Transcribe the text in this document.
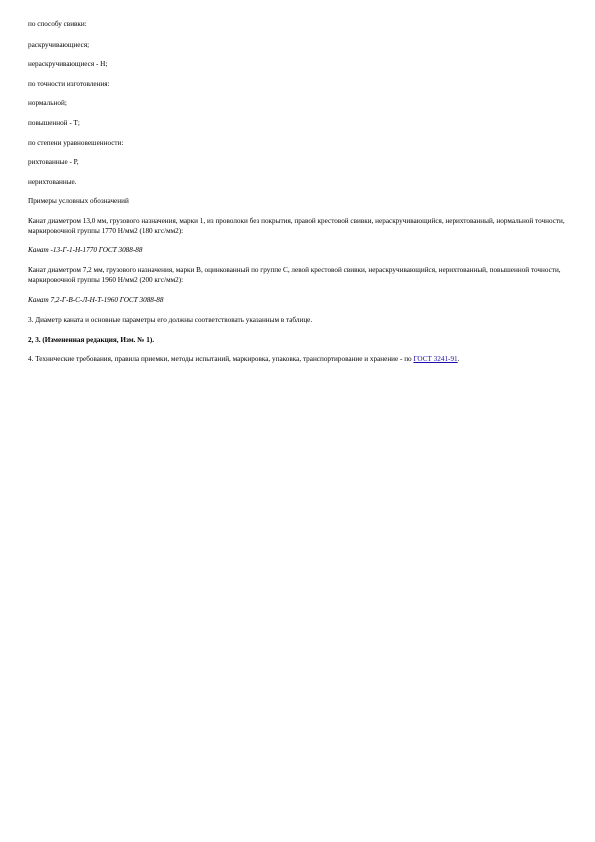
по способу свивки:

раскручивающиеся;

нераскручивающиеся - Н;

по точности изготовления:

нормальной;

повышенной - Т;

по степени уравновешенности:

рихтованные - Р,

нерихтованные.

Примеры условных обозначений

Канат диаметром 13,0 мм, грузового назначения, марки 1, из проволоки без покрытия, правой крестовой свивки, нераскручивающийся, нерихтованный, нормальной точности, маркировочной группы 1770 Н/мм2 (180 кгс/мм2):

Канат -13-Г-1-Н-1770 ГОСТ 3088-88

Канат диаметром 7,2 мм, грузового назначения, марки В, оцинкованный по группе С, левой крестовой свивки, нераскручивающийся, нерихтованный, повышенной точности, маркировочной группы 1960 Н/мм2 (200 кгс/мм2):

Канат 7,2-Г-В-С-Л-Н-Т-1960 ГОСТ 3088-88

3. Диаметр каната и основные параметры его должны соответствовать указанным в таблице.

2, 3. (Измененная редакция, Изм. № 1).

4. Технические требования, правила приемки, методы испытаний, маркировка, упаковка, транспортирование и хранение - по ГОСТ 3241-91.
